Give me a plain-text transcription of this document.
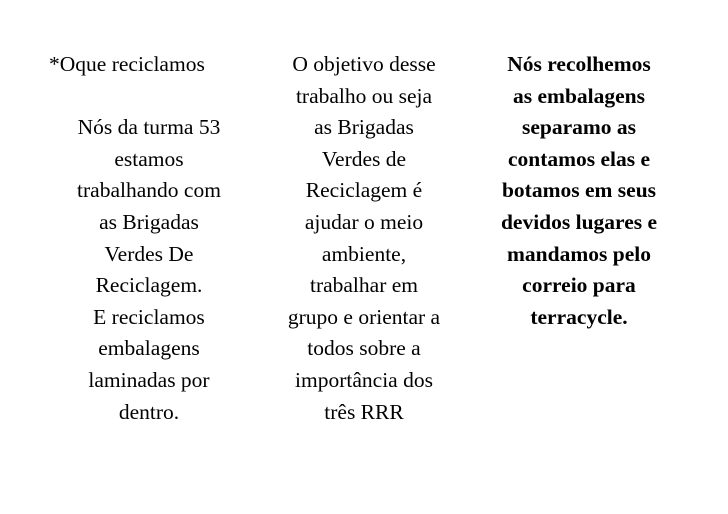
*Oque reciclamos
Nós da turma 53
estamos
trabalhando com
as Brigadas
Verdes De
Reciclagem.
E reciclamos
embalagens
laminadas por
dentro.
O objetivo desse
trabalho ou seja
as Brigadas
Verdes de
Reciclagem é
ajudar o meio
ambiente,
trabalhar em
grupo e orientar a
todos sobre a
importância dos
três RRR
Nós recolhemos
as embalagens
separamo as
contamos elas e
botamos em seus
devidos lugares e
mandamos pelo
correio para
terracycle.
